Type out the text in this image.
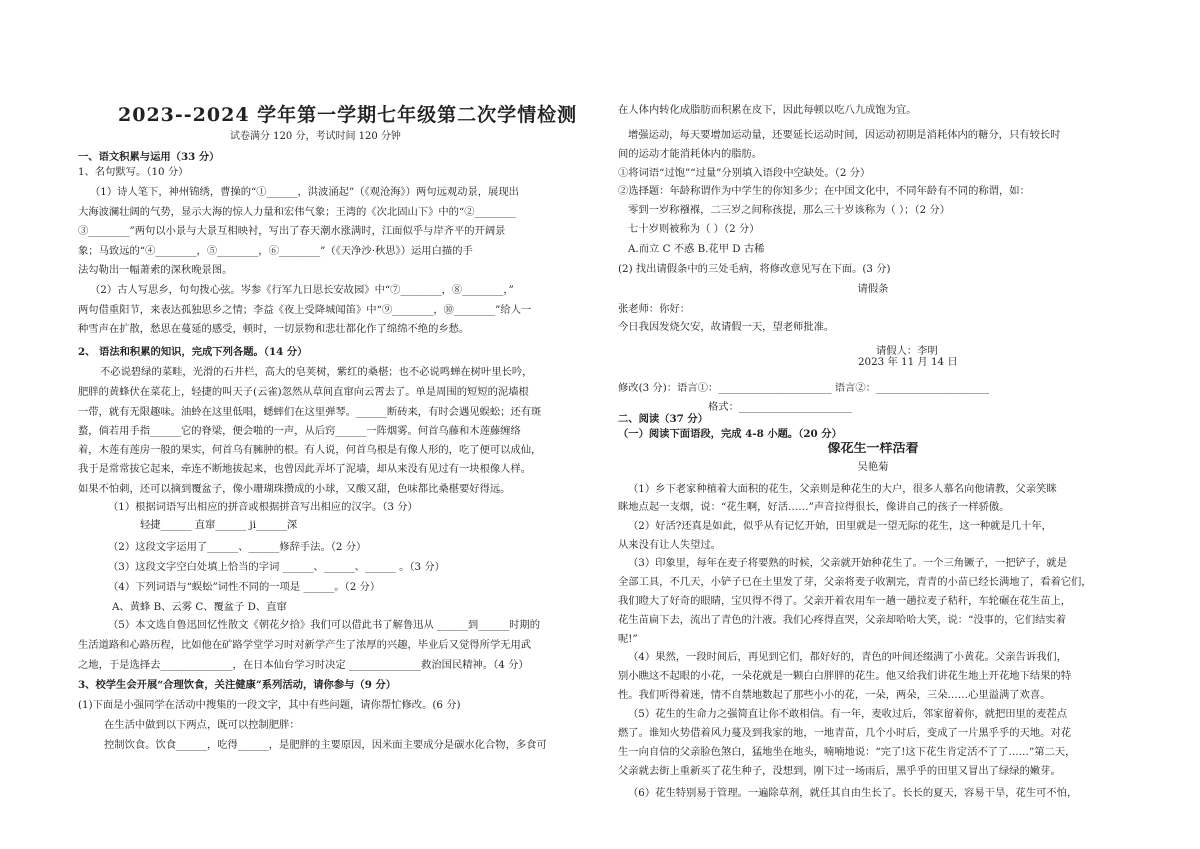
2023--2024 学年第一学期七年级第二次学情检测
试卷满分 120 分，考试时间 120 分钟
一、语文积累与运用（33 分）
1、名句默写。（10 分）
（1）诗人笔下，神州锦绣，曹操的“①______，洪波涌起”（《观沧海》）两句远观动景，展现出
大海波澜壮阔的气势，显示大海的惊人力量和宏伟气象；王湾的《次北固山下》中的“②________
③________”两句以小景与大景互相映衬，写出了春天潮水涨满时，江面似乎与岸齐平的开阔景
象；马致远的“④________，⑤________，⑥________”（《天净沙·秋思》）运用白描的手
法勾勒出一幅萧索的深秋晚景图。
（2）古人写思乡，句句拨心弦。岑参《行军九日思长安故园》中“⑦________，⑧________，”
两句借重阳节，来表达孤独思乡之情；李益《夜上受降城闻笛》中“⑨________，⑩________”给人一
种雪声在扩散，愁思在蔓延的感受，顿时，一切景物和悲壮都化作了绵绵不绝的乡愁。
2、 语法和积累的知识，完成下列各题。（14 分）
不必说碧绿的菜畦，光滑的石井栏，高大的皂荚树，紫红的桑椹；也不必说鸣蝉在树叶里长吟，
肥胖的黄蜂伏在菜花上，轻捷的叫天子(云雀)忽然从草间直窜向云霄去了。单是周围的短短的泥墙根
一带，就有无限趣味。油蛉在这里低唱，蟋蟀们在这里弹琴。______断砖来，有时会遇见蜈蚣；还有斑
蝥，倘若用手指______它的脊梁，便会啪的一声，从后窍______一阵烟雾。何首乌藤和木莲藤缠络
着，木莲有莲房一般的果实，何首乌有臃肿的根。有人说，何首乌根是有像人形的，吃了便可以成仙，
我于是常常拔它起来，牵连不断地拔起来，也曾因此弄坏了泥墙，却从来没有见过有一块根像人样。
如果不怕刺，还可以摘到覆盆子，像小珊瑚珠攒成的小球，又酸又甜，色味都比桑椹要好得远。
（1）根据词语写出相应的拼音或根据拼音写出相应的汉字。（3 分）
轻捷______ 直窜______ ji______深
（2）这段文字运用了______、______修辞手法。（2 分）
（3）这段文字空白处填上恰当的字词 ______、______、______ 。（3 分）
（4）下列词语与“蜈蚣”词性不同的一项是 ______。（2 分）
A、黄蜂 B、云雾 C、覆盆子 D、直窜
（5）本文选自鲁迅回忆性散文《朝花夕拾》我们可以借此书了解鲁迅从 ______到______时期的
生活道路和心路历程，比如他在矿路学堂学习时对新学产生了浓厚的兴趣，毕业后又觉得所学无用武
之地，于是选择去______________，在日本仙台学习时决定 ______________救治国民精神。（4 分）
3、校学生会开展“合理饮食，关注健康”系列活动，请你参与（9 分）
(1)下面是小强同学在活动中搜集的一段文字，其中有些问题，请你帮忙修改。(6 分)
在生活中做到以下两点，既可以控制肥胖：
控制饮食。饮食______，吃得______，是肥胖的主要原因，因米面主要成分是碳水化合物，多食可
在人体内转化成脂肪而积累在皮下，因此每顿以吃八九成饱为宜。
增强运动，每天要增加运动量，还要延长运动时间，因运动初期是消耗体内的糖分，只有较长时
间的运动才能消耗体内的脂肪。
①将词语“过饱”“过量”分别填入语段中空缺处。（2 分）
②选择题：年龄称谓作为中学生的你知多少；在中国文化中，不同年龄有不同的称谓，如：
零到一岁称襁褓，二三岁之间称孩提，那么三十岁该称为（ ）；（2 分）
七十岁则被称为（ ）（2 分）
A.而立 C 不惑 B.花甲 D 古稀
(2) 找出请假条中的三处毛病，将修改意见写在下面。(3 分)
请假条
张老师：你好：
今日我因发烧欠安，故请假一天，望老师批准。
请假人：李明
2023 年 11 月 14 日
修改(3 分)：语言①：______________________ 语言②：______________________
格式：______________________
二、阅读（37 分）
（一）阅读下面语段，完成 4-8 小题。（20 分）
像花生一样活着
吴艳菊
（1）乡下老家种植着大面积的花生，父亲则是种花生的大户，很多人慕名向他请教，父亲笑眯
眯地点起一支烟，说：“花生啊，好活……”声音拉得很长，像讲自己的孩子一样骄傲。
（2）好活?还真是如此，似乎从有记忆开始，田里就是一望无际的花生，这一种就是几十年，
从来没有让人失望过。
（3）印象里，每年在麦子将要熟的时候，父亲就开始种花生了。一个三角镢子，一把铲子，就是
全部工具，不几天，小铲子已在土里发了芽，父亲将麦子收割完，青青的小苗已经长满地了，看着它们，
我们瞪大了好奇的眼睛，宝贝得不得了。父亲开着农用车一趟一趟拉麦子秸秆，车轮碾在花生苗上，
花生苗扁下去，流出了青色的汁液。我们心疼得直哭，父亲却哈哈大笑，说：“没事的，它们结实着
呢!”
（4）果然，一段时间后，再见到它们，都好好的，青色的叶间还缀满了小黄花。父亲告诉我们，
别小瞧这不起眼的小花，一朵花就是一颗白白胖胖的花生。他又给我们讲花生地上开花地下结果的特
性。我们听得着迷，情不自禁地数起了那些小小的花，一朵，两朵，三朵……心里溢满了欢喜。
（5）花生的生命力之强简直让你不敢相信。有一年，麦收过后，邻家留着你，就把田里的麦茬点
燃了。谁知火势借着风力蔓及到我家的地，一地青苗，几个小时后，变成了一片黑乎乎的天地。对花
生一向自信的父亲脸色煞白，猛地坐在地头，喃喃地说：“完了!这下花生肯定活不了了……”第二天，
父亲就去街上重新买了花生种子，没想到，刚下过一场雨后，黑乎乎的田里又冒出了绿绿的嫩芽。
（6）花生特别易于管理。一遍除草剂，就任其自由生长了。长长的夏天，容易干旱，花生可不怕，
